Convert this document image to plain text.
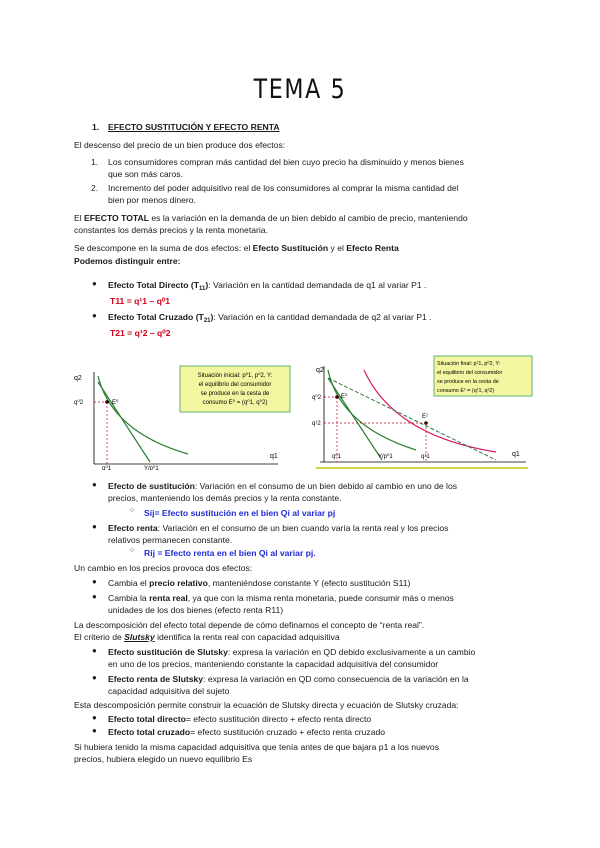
TEMA 5
1. EFECTO SUSTITUCIÓN Y EFECTO RENTA
El descenso del precio de un bien produce dos efectos:
1. Los consumidores compran más cantidad del bien cuyo precio ha disminuido y menos bienes
que son más caros.
2. Incremento del poder adquisitivo real de los consumidores al comprar la misma cantidad del
bien por menos dinero.
El EFECTO TOTAL es la variación en la demanda de un bien debido al cambio de precio, manteniendo
constantes los demás precios y la renta monetaria.
Se descompone en la suma de dos efectos: el Efecto Sustitución y el Efecto Renta
Podemos distinguir entre:
● Efecto Total Directo $(T_{11})$: Variación en la cantidad demandada de q1 al variar P1 .
T11 = q¹1 – q⁰1
● Efecto Total Cruzado $(T_{21})$: Variación en la cantidad demandada de q2 al variar P1 .
T21 = q¹2 – q⁰2
q2
q1
E⁰
q⁰2
q⁰1	Y/p⁰1
Situación inicial: p⁰1, p⁰2, Y:
el equilibrio del consumidor
se produce en la cesta de
consumo E⁰ = (q⁰1, q⁰2)
q2
q1
E⁰
E¹
q⁰2
q¹2
q⁰1	Y/p⁰1	q¹1
Situación final: p¹1, p⁰2, Y:
el equilibrio del consumidor
se produce en la cesta de
consumo E¹ = (q¹1, q¹2)
● Efecto de sustitución: Variación en el consumo de un bien debido al cambio en uno de los
precios, manteniendo los demás precios y la renta constante.
○ Sij= Efecto sustitución en el bien Qi al variar pj
● Efecto renta: Variación en el consumo de un bien cuando varía la renta real y los precios
relativos permanecen constante.
○ Rij = Efecto renta en el bien Qi al variar pj.
Un cambio en los precios provoca dos efectos:
● Cambia el precio relativo, manteniéndose constante Y (efecto sustitución S11)
● Cambia la renta real, ya que con la misma renta monetaria, puede consumir más o menos
unidades de los dos bienes (efecto renta R11)
La descomposición del efecto total depende de cómo definamos el concepto de “renta real”.
El criterio de Slutsky identifica la renta real con capacidad adquisitiva
● Efecto sustitución de Slutsky: expresa la variación en QD debido exclusivamente a un cambio
en uno de los precios, manteniendo constante la capacidad adquisitiva del consumidor
● Efecto renta de Slutsky: expresa la variación en QD como consecuencia de la variación en la
capacidad adquisitiva del sujeto
Esta descomposición permite construir la ecuación de Slutsky directa y ecuación de Slutsky cruzada:
● Efecto total directo= efecto sustitución directo + efecto renta directo
● Efecto total cruzado= efecto sustitución cruzado + efecto renta cruzado
Si hubiera tenido la misma capacidad adquisitiva que tenía antes de que bajara p1 a los nuevos
precios, hubiera elegido un nuevo equilibrio Es
